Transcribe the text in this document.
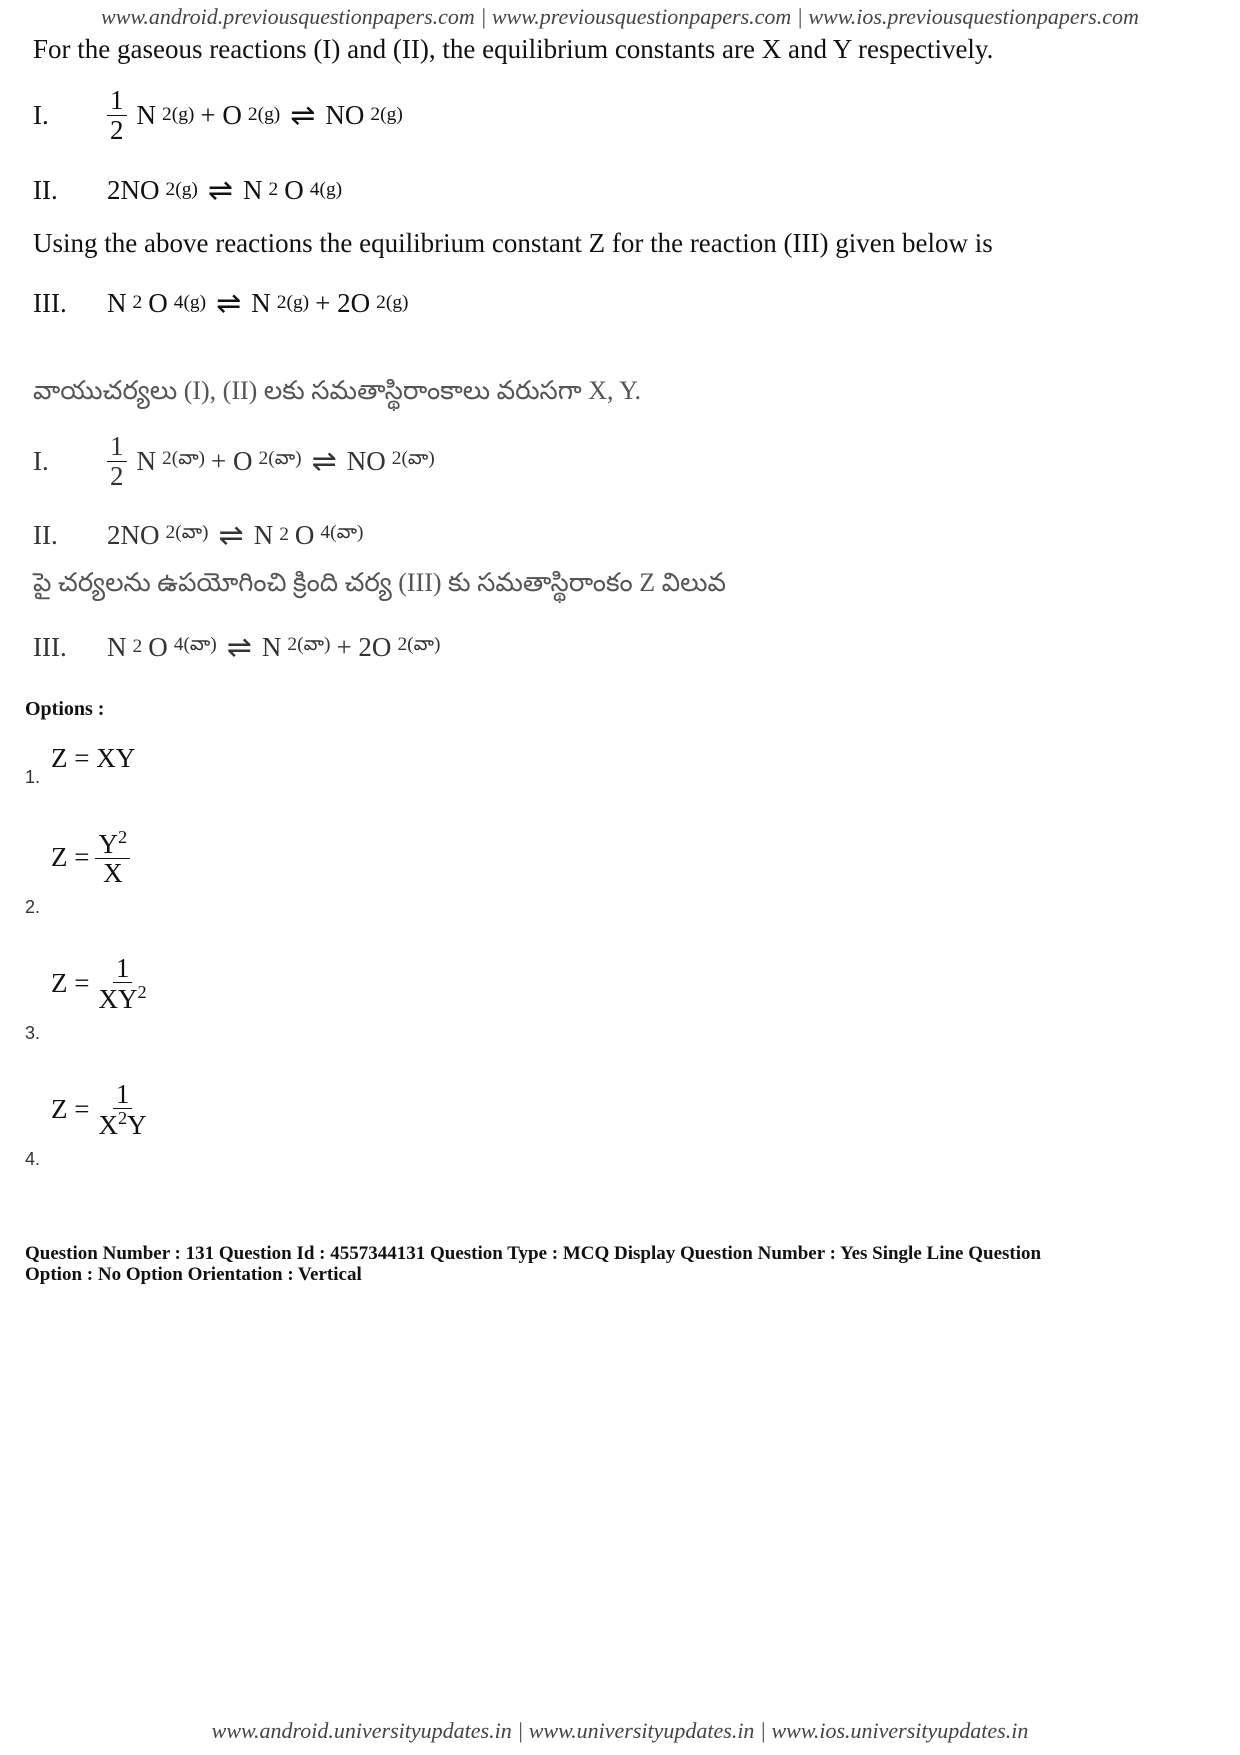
www.android.previousquestionpapers.com | www.previousquestionpapers.com | www.ios.previousquestionpapers.com

For the gaseous reactions (I) and (II), the equilibrium constants are X and Y respectively.

I.	$\frac{1}{2}$ N 2(g) + O 2(g) ⇌ NO 2(g)
II.	2NO 2(g) ⇌ N 2 O 4(g)

Using the above reactions the equilibrium constant Z for the reaction (III) given below is

III.	N 2 O 4(g) ⇌ N 2(g) + 2O 2(g)

వాయుచర్యలు (I), (II) లకు సమతాస్థిరాంకాలు వరుసగా X, Y.

I.	$\frac{1}{2}$ N 2(వా) + O 2(వా) ⇌ NO 2(వా)
II.	2NO 2(వా) ⇌ N 2 O 4(వా)

పై చర్యలను ఉపయోగించి క్రింది చర్య (III) కు సమతాస్థిరాంకం Z విలువ

III.	N 2 O 4(వా) ⇌ N 2(వా) + 2O 2(వా)

Options :

1.
Z = XY
2.
$Z = \frac{Y^2}{X}$
3.
$Z = \frac{1}{XY^2}$
4.
$Z = \frac{1}{X^2Y}$

Question Number : 131 Question Id : 4557344131 Question Type : MCQ Display Question Number : Yes Single Line Question

Option : No Option Orientation : Vertical

www.android.universityupdates.in | www.universityupdates.in | www.ios.universityupdates.in
